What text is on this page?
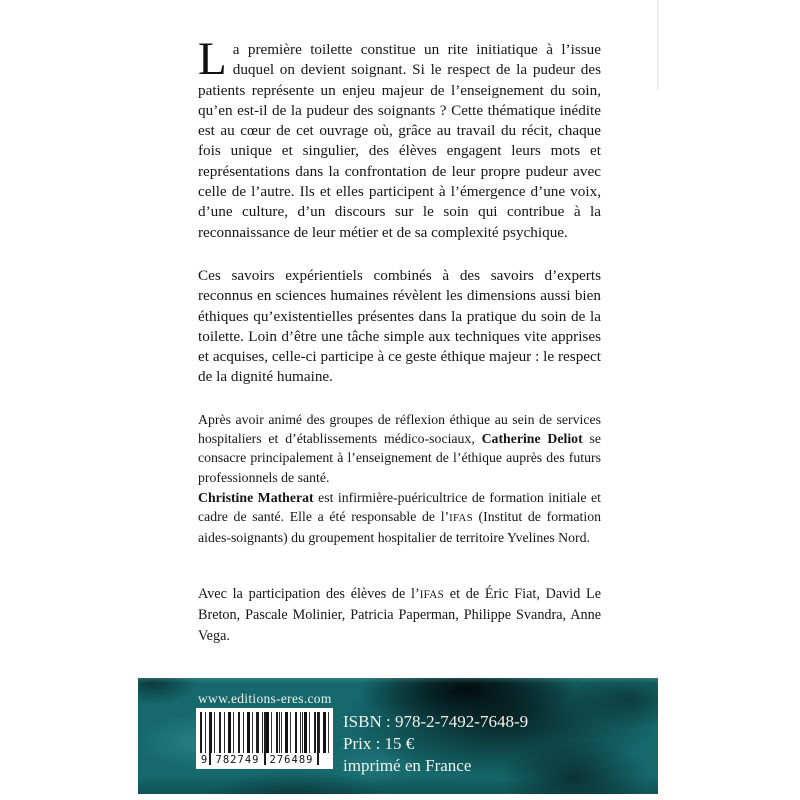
La première toilette constitue un rite initiatique à l’issue duquel on devient soignant. Si le respect de la pudeur des patients représente un enjeu majeur de l’enseignement du soin, qu’en est-il de la pudeur des soignants ? Cette thématique inédite est au cœur de cet ouvrage où, grâce au travail du récit, chaque fois unique et singulier, des élèves engagent leurs mots et représentations dans la confrontation de leur propre pudeur avec celle de l’autre. Ils et elles participent à l’émergence d’une voix, d’une culture, d’un discours sur le soin qui contribue à la reconnaissance de leur métier et de sa complexité psychique.

Ces savoirs expérientiels combinés à des savoirs d’experts reconnus en sciences humaines révèlent les dimensions aussi bien éthiques qu’existentielles présentes dans la pratique du soin de la toilette. Loin d’être une tâche simple aux techniques vite apprises et acquises, celle-ci participe à ce geste éthique majeur : le respect de la dignité humaine.

Après avoir animé des groupes de réflexion éthique au sein de services hospitaliers et d’établissements médico-sociaux, Catherine Deliot se consacre principalement à l’enseignement de l’éthique auprès des futurs professionnels de santé.

Christine Matherat est infirmière-puéricultrice de formation initiale et cadre de santé. Elle a été responsable de l’IFAS (Institut de formation aides-soignants) du groupement hospitalier de territoire Yvelines Nord.

Avec la participation des élèves de l’IFAS et de Éric Fiat, David Le Breton, Pascale Molinier, Patricia Paperman, Philippe Svandra, Anne Vega.

www.editions-eres.com
9 782749 276489
ISBN : 978-2-7492-7648-9
Prix : 15 €
imprimé en France
